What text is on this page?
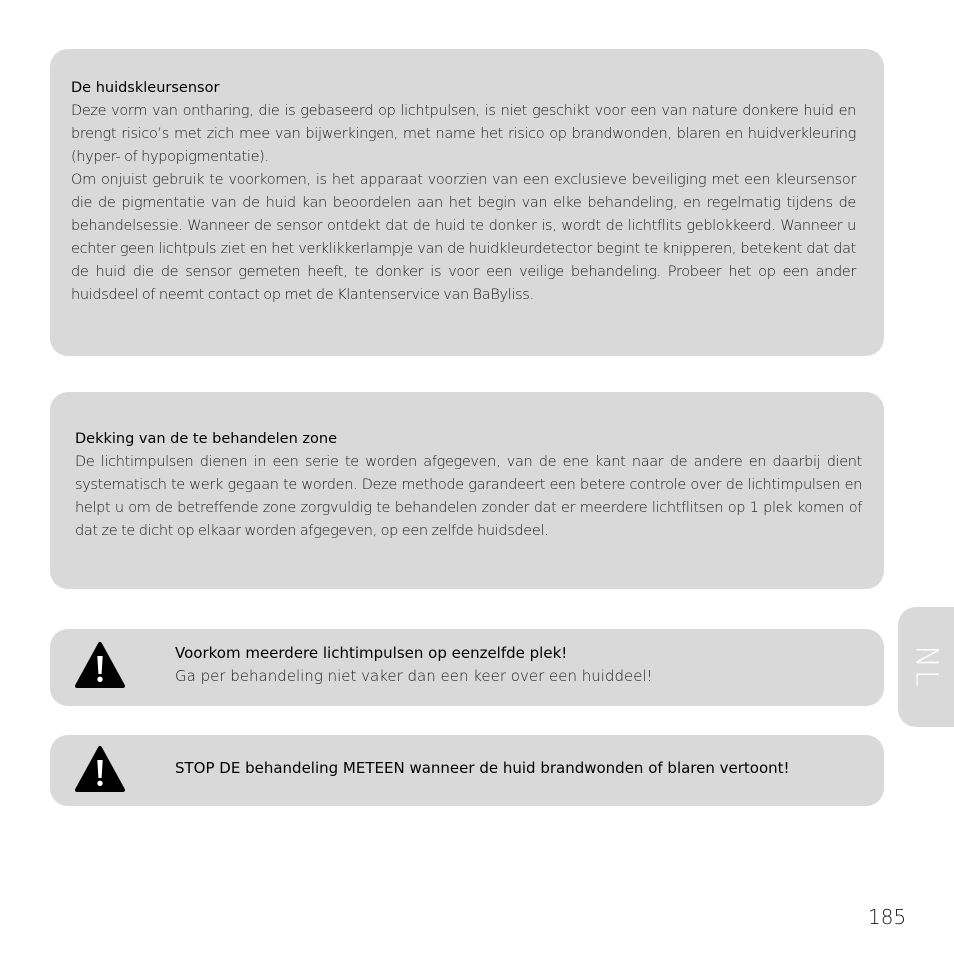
De huidskleursensor

Deze vorm van ontharing, die is gebaseerd op lichtpulsen, is niet geschikt voor een van nature donkere huid en brengt risico’s met zich mee van bijwerkingen, met name het risico op brandwonden, blaren en huidverkleuring (hyper- of hypopigmentatie).

Om onjuist gebruik te voorkomen, is het apparaat voorzien van een exclusieve beveiliging met een kleursensor die de pigmentatie van de huid kan beoordelen aan het begin van elke behandeling, en regelmatig tijdens de behandelsessie. Wanneer de sensor ontdekt dat de huid te donker is, wordt de lichtflits geblokkeerd. Wanneer u echter geen lichtpuls ziet en het verklikkerlampje van de huidkleurdetector begint te knipperen, betekent dat dat de huid die de sensor gemeten heeft, te donker is voor een veilige behandeling. Probeer het op een ander huidsdeel of neemt contact op met de Klantenservice van BaByliss.

Dekking van de te behandelen zone

De lichtimpulsen dienen in een serie te worden afgegeven, van de ene kant naar de andere en daarbij dient systematisch te werk gegaan te worden. Deze methode garandeert een betere controle over de lichtimpulsen en helpt u om de betreffende zone zorgvuldig te behandelen zonder dat er meerdere lichtflitsen op 1 plek komen of dat ze te dicht op elkaar worden afgegeven, op een zelfde huidsdeel.

Voorkom meerdere lichtimpulsen op eenzelfde plek!
Ga per behandeling niet vaker dan een keer over een huiddeel!
STOP DE behandeling METEEN wanneer de huid brandwonden of blaren vertoont!
NL
185
